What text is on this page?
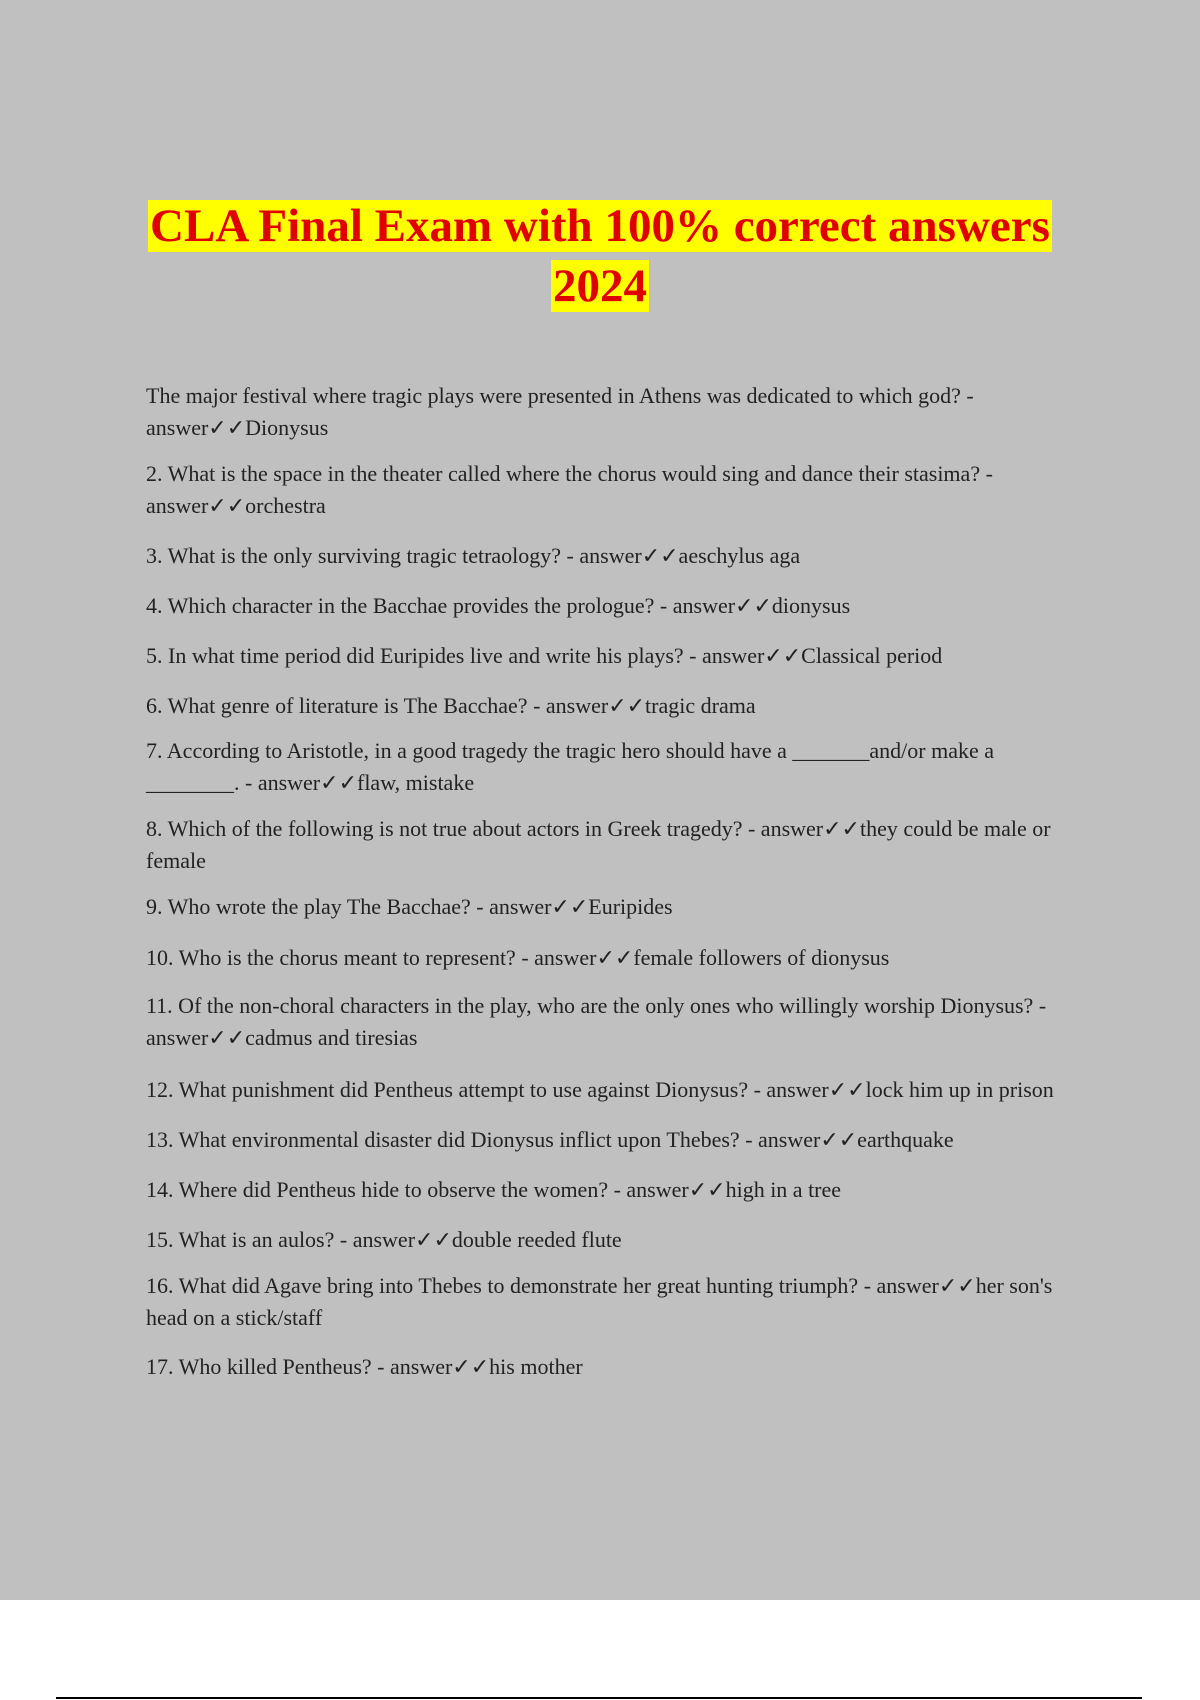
CLA Final Exam with 100% correct answers 2024
The major festival where tragic plays were presented in Athens was dedicated to which god? - answer✓✓Dionysus
2. What is the space in the theater called where the chorus would sing and dance their stasima? - answer✓✓orchestra
3. What is the only surviving tragic tetraology? - answer✓✓aeschylus aga
4. Which character in the Bacchae provides the prologue? - answer✓✓dionysus
5. In what time period did Euripides live and write his plays? - answer✓✓Classical period
6. What genre of literature is The Bacchae? - answer✓✓tragic drama
7. According to Aristotle, in a good tragedy the tragic hero should have a _______and/or make a ________. - answer✓✓flaw, mistake
8. Which of the following is not true about actors in Greek tragedy? - answer✓✓they could be male or female
9. Who wrote the play The Bacchae? - answer✓✓Euripides
10. Who is the chorus meant to represent? - answer✓✓female followers of dionysus
11. Of the non-choral characters in the play, who are the only ones who willingly worship Dionysus? - answer✓✓cadmus and tiresias
12. What punishment did Pentheus attempt to use against Dionysus? - answer✓✓lock him up in prison
13. What environmental disaster did Dionysus inflict upon Thebes? - answer✓✓earthquake
14. Where did Pentheus hide to observe the women? - answer✓✓high in a tree
15. What is an aulos? - answer✓✓double reeded flute
16. What did Agave bring into Thebes to demonstrate her great hunting triumph? - answer✓✓her son's head on a stick/staff
17. Who killed Pentheus? - answer✓✓his mother
